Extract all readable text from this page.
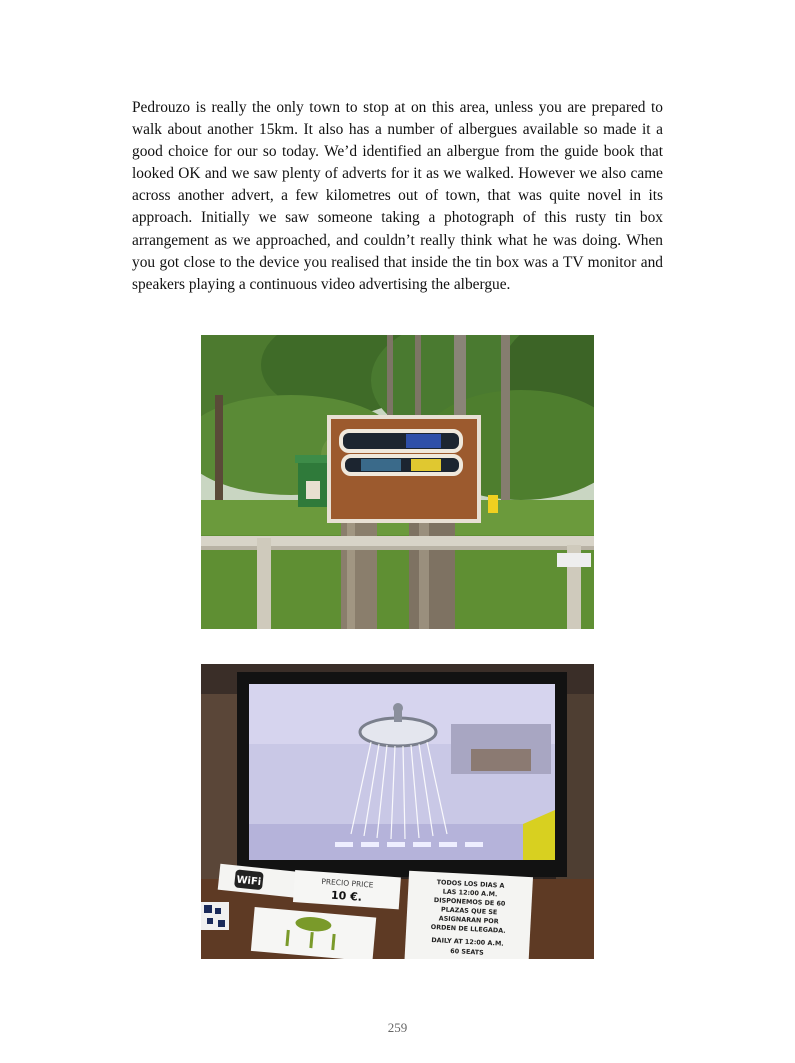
Pedrouzo is really the only town to stop at on this area, unless you are prepared to walk about another 15km. It also has a number of albergues available so made it a good choice for our so today. We’d identified an albergue from the guide book that looked OK and we saw plenty of adverts for it as we walked. However we also came across another advert, a few kilometres out of town, that was quite novel in its approach. Initially we saw someone taking a photograph of this rusty tin box arrangement as we approached, and couldn’t really think what he was doing. When you got close to the device you realised that inside the tin box was a TV monitor and speakers playing a continuous video advertising the albergue.

WiFi	PRECIO PRICE
10 €.
TODOS LOS DIAS A
LAS 12:00 A.M.
DISPONEMOS DE 60
PLAZAS QUE SE
ASIGNARAN POR
ORDEN DE LLEGADA.
DAILY AT 12:00 A.M.
60 SEATS
259
